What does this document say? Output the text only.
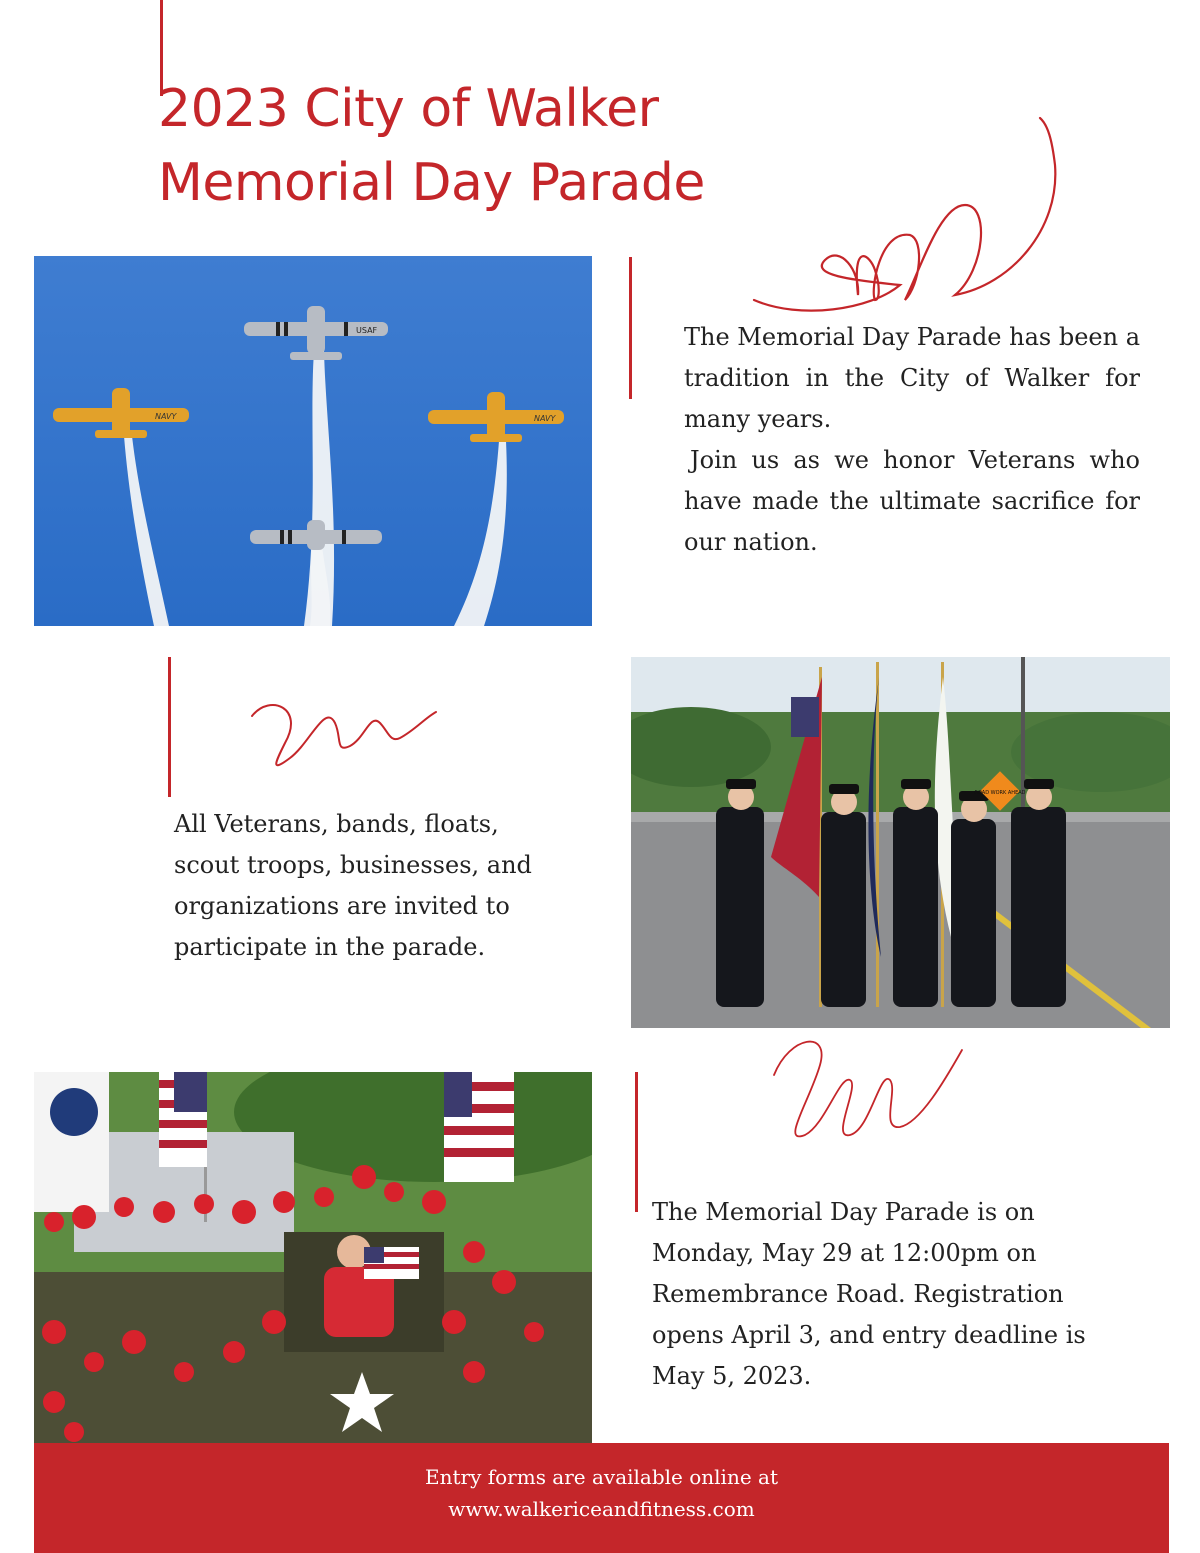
2023 City of Walker
Memorial Day Parade
NAVY
USAF
NAVY

The Memorial Day Parade has been a tradition in the City of Walker for many years.
Join us as we honor Veterans who have made the ultimate sacrifice for our nation.

All Veterans, bands, floats, scout troops, businesses, and organizations are invited to participate in the parade.

ROAD WORK AHEAD

The Memorial Day Parade is on Monday, May 29 at 12:00pm on Remembrance Road. Registration opens April 3, and entry deadline is May 5, 2023.

Entry forms are available online at

www.walkericeandfitness.com
